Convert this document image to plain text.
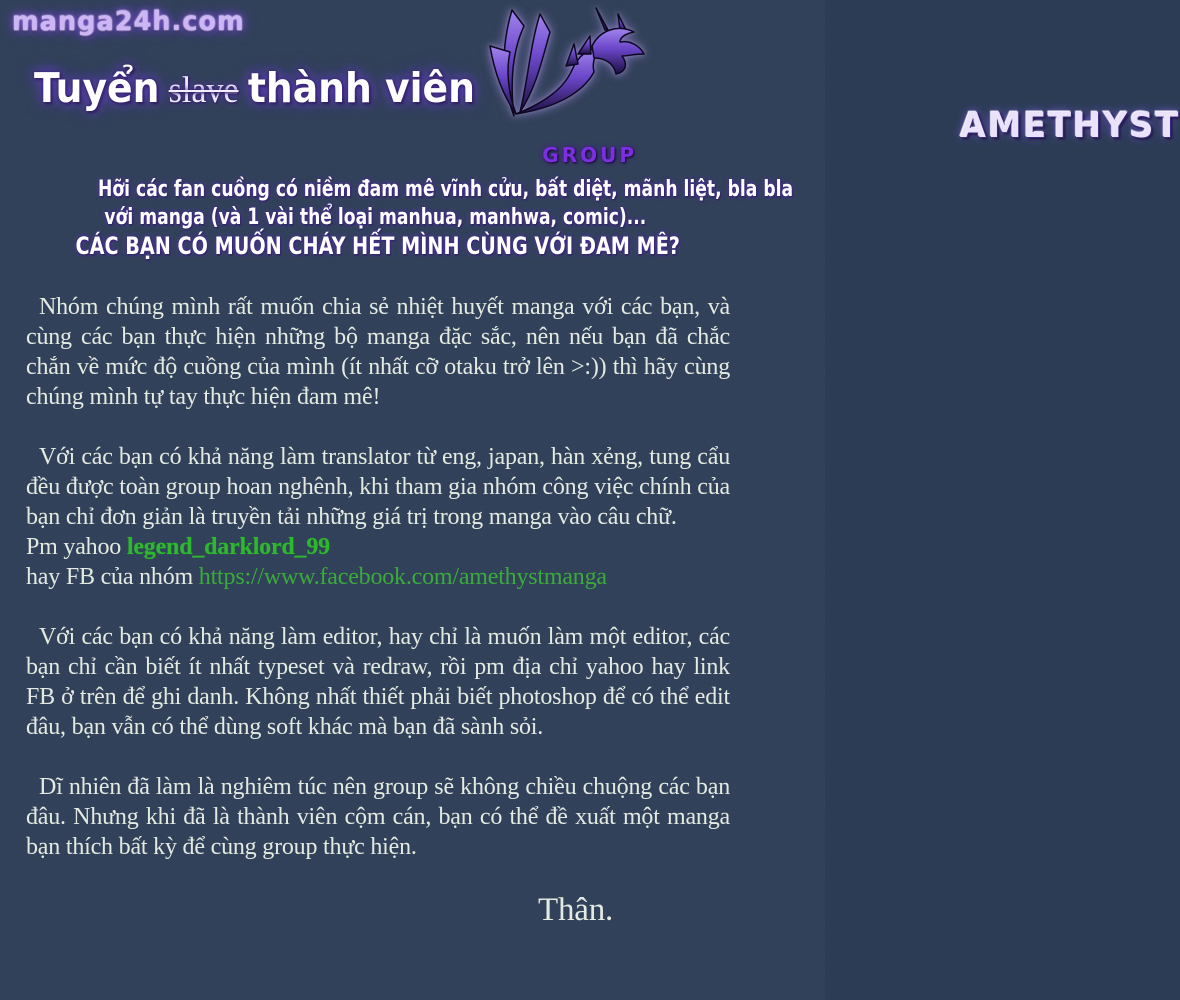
manga24h.com
Tuyển slave thành viên
AMETHYST
GROUP
Hỡi các fan cuồng có niềm đam mê vĩnh cửu, bất diệt, mãnh liệt, bla bla
với manga (và 1 vài thể loại manhua, manhwa, comic)...
CÁC BẠN CÓ MUỐN CHÁY HẾT MÌNH CÙNG VỚI ĐAM MÊ?

Nhóm chúng mình rất muốn chia sẻ nhiệt huyết manga với các bạn, và cùng các bạn thực hiện những bộ manga đặc sắc, nên nếu bạn đã chắc chắn về mức độ cuồng của mình (ít nhất cỡ otaku trở lên >:)) thì hãy cùng chúng mình tự tay thực hiện đam mê!

Với các bạn có khả năng làm translator từ eng, japan, hàn xẻng, tung cẩu đều được toàn group hoan nghênh, khi tham gia nhóm công việc chính của bạn chỉ đơn giản là truyền tải những giá trị trong manga vào câu chữ.

Pm yahoo legend_darklord_99
hay FB của nhóm https://www.facebook.com/amethystmanga

Với các bạn có khả năng làm editor, hay chỉ là muốn làm một editor, các bạn chỉ cần biết ít nhất typeset và redraw, rồi pm địa chỉ yahoo hay link FB ở trên để ghi danh. Không nhất thiết phải biết photoshop để có thể edit đâu, bạn vẫn có thể dùng soft khác mà bạn đã sành sỏi.

Dĩ nhiên đã làm là nghiêm túc nên group sẽ không chiều chuộng các bạn đâu. Nhưng khi đã là thành viên cộm cán, bạn có thể đề xuất một manga bạn thích bất kỳ để cùng group thực hiện.

Thân.
